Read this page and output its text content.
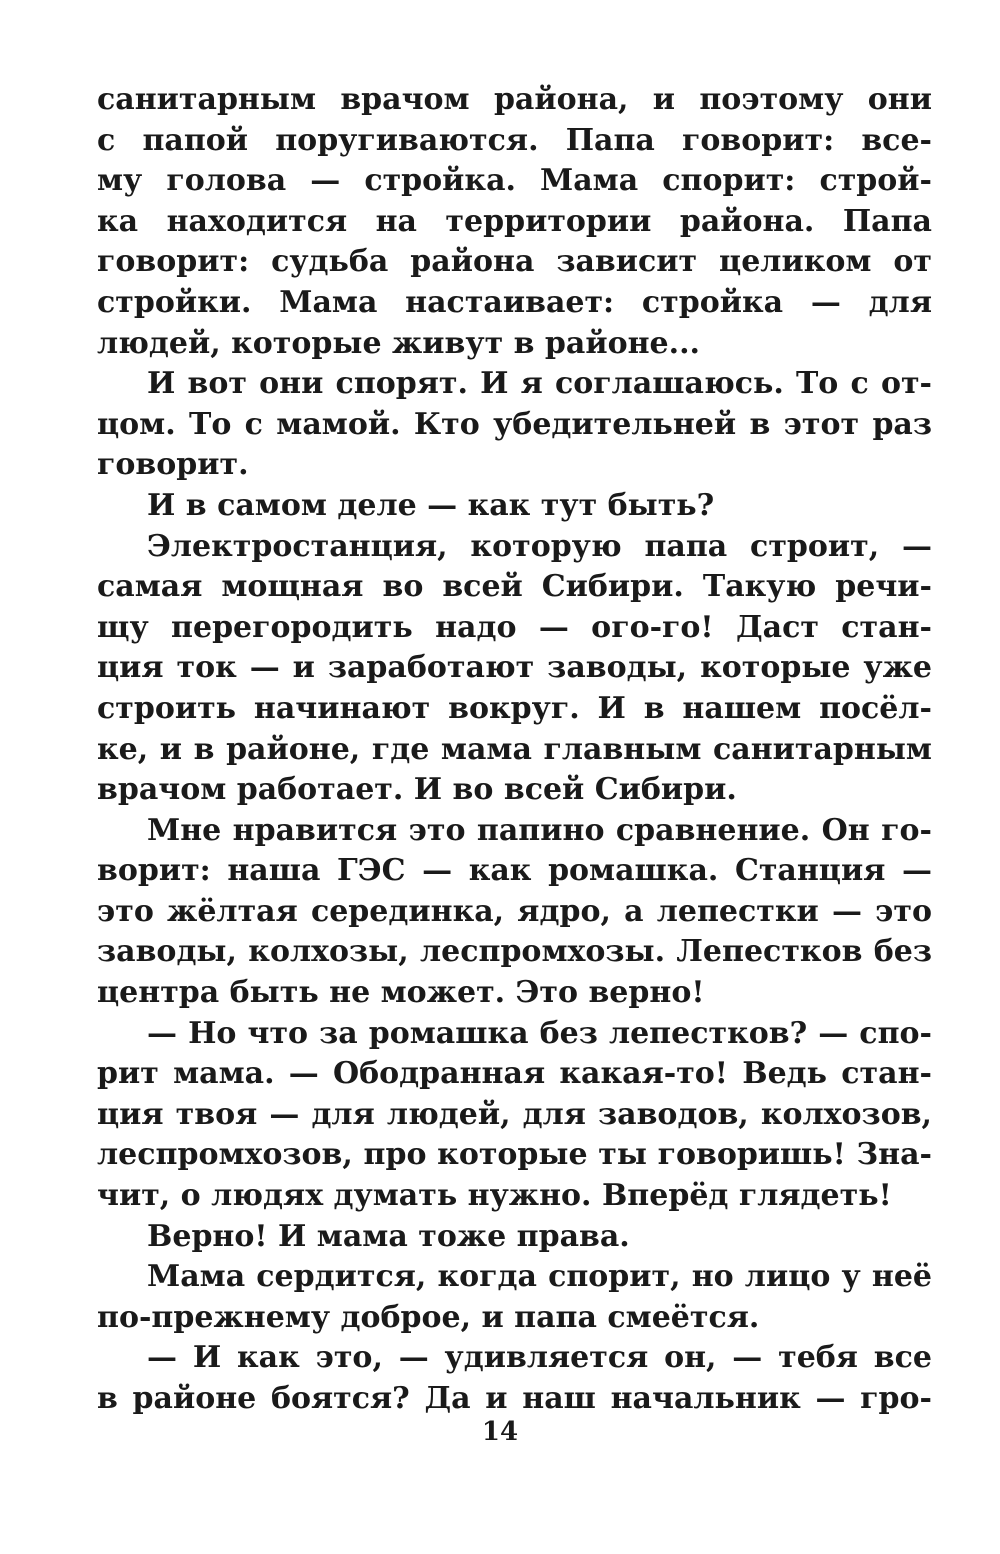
санитарным врачом района, и поэтому они
с папой поругиваются. Папа говорит: все-
му голова — стройка. Мама спорит: строй-
ка находится на территории района. Папа
говорит: судьба района зависит целиком от
стройки. Мама настаивает: стройка — для
людей, которые живут в районе...
И вот они спорят. И я соглашаюсь. То с от-
цом. То с мамой. Кто убедительней в этот раз
говорит.
И в самом деле — как тут быть?
Электростанция, которую папа строит, —
самая мощная во всей Сибири. Такую речи-
щу перегородить надо — ого-го! Даст стан-
ция ток — и заработают заводы, которые уже
строить начинают вокруг. И в нашем посёл-
ке, и в районе, где мама главным санитарным
врачом работает. И во всей Сибири.
Мне нравится это папино сравнение. Он го-
ворит: наша ГЭС — как ромашка. Станция —
это жёлтая серединка, ядро, а лепестки — это
заводы, колхозы, леспромхозы. Лепестков без
центра быть не может. Это верно!
— Но что за ромашка без лепестков? — спо-
рит мама. — Ободранная какая-то! Ведь стан-
ция твоя — для людей, для заводов, колхозов,
леспромхозов, про которые ты говоришь! Зна-
чит, о людях думать нужно. Вперёд глядеть!
Верно! И мама тоже права.
Мама сердится, когда спорит, но лицо у неё
по-прежнему доброе, и папа смеётся.
— И как это, — удивляется он, — тебя все
в районе боятся? Да и наш начальник — гро-
14
